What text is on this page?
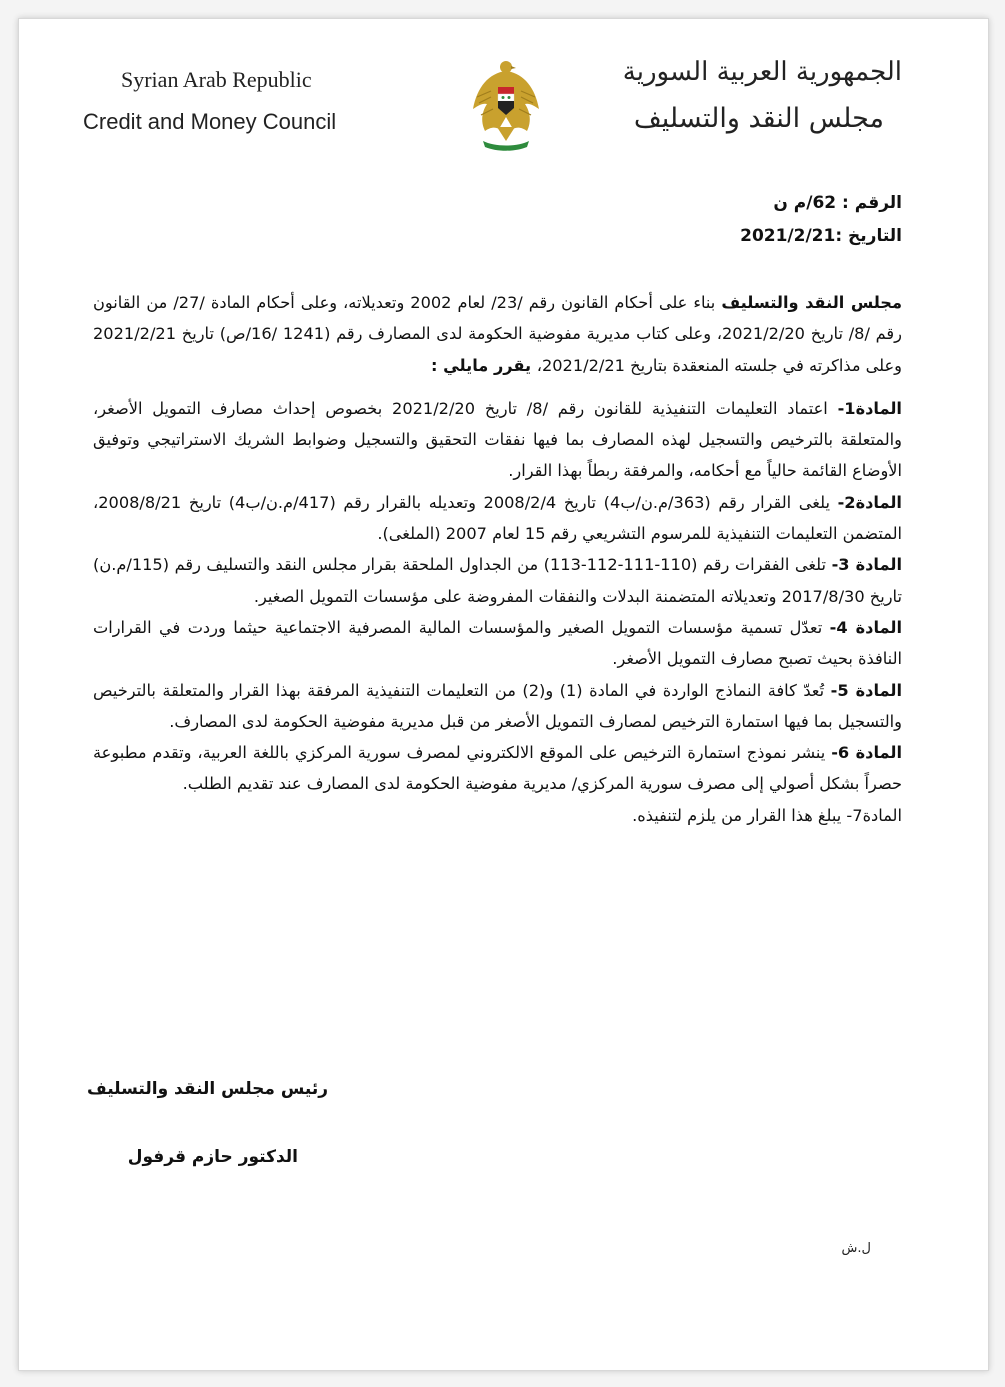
Syrian Arab Republic
Credit and Money Council
الجمهورية العربية السورية
مجلس النقد والتسليف
الرقم : 62/م ن
التاريخ :2021/2/21

مجلس النقد والتسليف بناء على أحكام القانون رقم /23/ لعام 2002 وتعديلاته، وعلى أحكام المادة /27/ من القانون رقم /8/ تاريخ 2021/2/20، وعلى كتاب مديرية مفوضية الحكومة لدى المصارف رقم (1241 /16/ص) تاريخ 2021/2/21 وعلى مذاكرته في جلسته المنعقدة بتاريخ 2021/2/21، يقرر مايلي :

المادة1- اعتماد التعليمات التنفيذية للقانون رقم /8/ تاريخ 2021/2/20 بخصوص إحداث مصارف التمويل الأصغر، والمتعلقة بالترخيص والتسجيل لهذه المصارف بما فيها نفقات التحقيق والتسجيل وضوابط الشريك الاستراتيجي وتوفيق الأوضاع القائمة حالياً مع أحكامه، والمرفقة ربطاً بهذا القرار.

المادة2- يلغى القرار رقم (363/م.ن/ب4) تاريخ 2008/2/4 وتعديله بالقرار رقم (417/م.ن/ب4) تاريخ 2008/8/21، المتضمن التعليمات التنفيذية للمرسوم التشريعي رقم 15 لعام 2007 (الملغى).

المادة 3- تلغى الفقرات رقم (110-111-112-113) من الجداول الملحقة بقرار مجلس النقد والتسليف رقم (115/م.ن) تاريخ 2017/8/30 وتعديلاته المتضمنة البدلات والنفقات المفروضة على مؤسسات التمويل الصغير.

المادة 4- تعدّل تسمية مؤسسات التمويل الصغير والمؤسسات المالية المصرفية الاجتماعية حيثما وردت في القرارات النافذة بحيث تصبح مصارف التمويل الأصغر.

المادة 5- تُعدّ كافة النماذج الواردة في المادة (1) و(2) من التعليمات التنفيذية المرفقة بهذا القرار والمتعلقة بالترخيص والتسجيل بما فيها استمارة الترخيص لمصارف التمويل الأصغر من قبل مديرية مفوضية الحكومة لدى المصارف.

المادة 6- ينشر نموذج استمارة الترخيص على الموقع الالكتروني لمصرف سورية المركزي باللغة العربية، وتقدم مطبوعة حصراً بشكل أصولي إلى مصرف سورية المركزي/ مديرية مفوضية الحكومة لدى المصارف عند تقديم الطلب.

المادة7- يبلغ هذا القرار من يلزم لتنفيذه.

رئيس مجلس النقد والتسليف
الدكتور حازم قرفول
ل.ش
